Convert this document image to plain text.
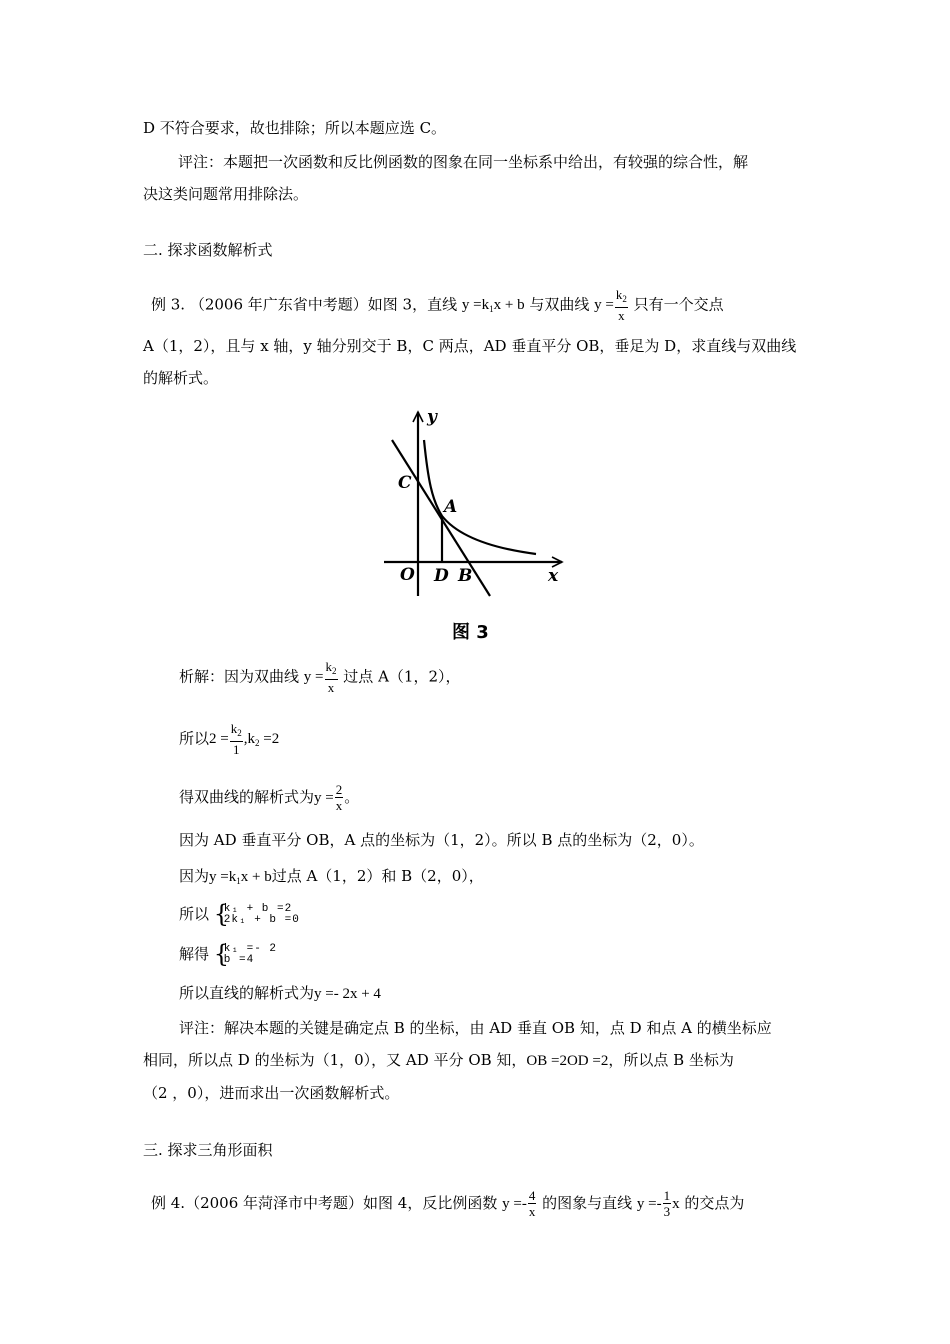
D 不符合要求，故也排除；所以本题应选 C。
评注：本题把一次函数和反比例函数的图象在同一坐标系中给出，有较强的综合性，解
决这类问题常用排除法。
二. 探求函数解析式
例 3. （2006 年广东省中考题）如图 3，直线 $y =k_1x + b$ 与双曲线 $y = \frac{k_2}{x}$ 只有一个交点
A（1，2），且与 x 轴，y 轴分别交于 B，C 两点，AD 垂直平分 OB，垂足为 D，求直线与双曲线
的解析式。
y
C
A
O D B	x
图 3
析解：因为双曲线 $y = \frac{k_2}{x}$ 过点 A（1，2），
所以$2 = \frac{k_2}{1} ,k_2 =2$
得双曲线的解析式为$y = \frac{2}{x}$ 。
因为 AD 垂直平分 OB，A 点的坐标为（1，2）。所以 B 点的坐标为（2，0）。
因为$y =k_1x + b$过点 A（1，2）和 B（2，0），
所以 {
k₁ + b =2
2k₁ + b =0
解得 {
k₁ =- 2
b =4
所以直线的解析式为y =- 2x + 4
评注：解决本题的关键是确定点 B 的坐标，由 AD 垂直 OB 知，点 D 和点 A 的横坐标应
相同，所以点 D 的坐标为（1，0），又 AD 平分 OB 知，OB =2OD =2，所以点 B 坐标为
（2 ，0），进而求出一次函数解析式。
三. 探求三角形面积
例 4.（2006 年菏泽市中考题）如图 4，反比例函数 $y =- \frac{4}{x}$ 的图象与直线 $y =- \frac{1}{3}$ x 的交点为
